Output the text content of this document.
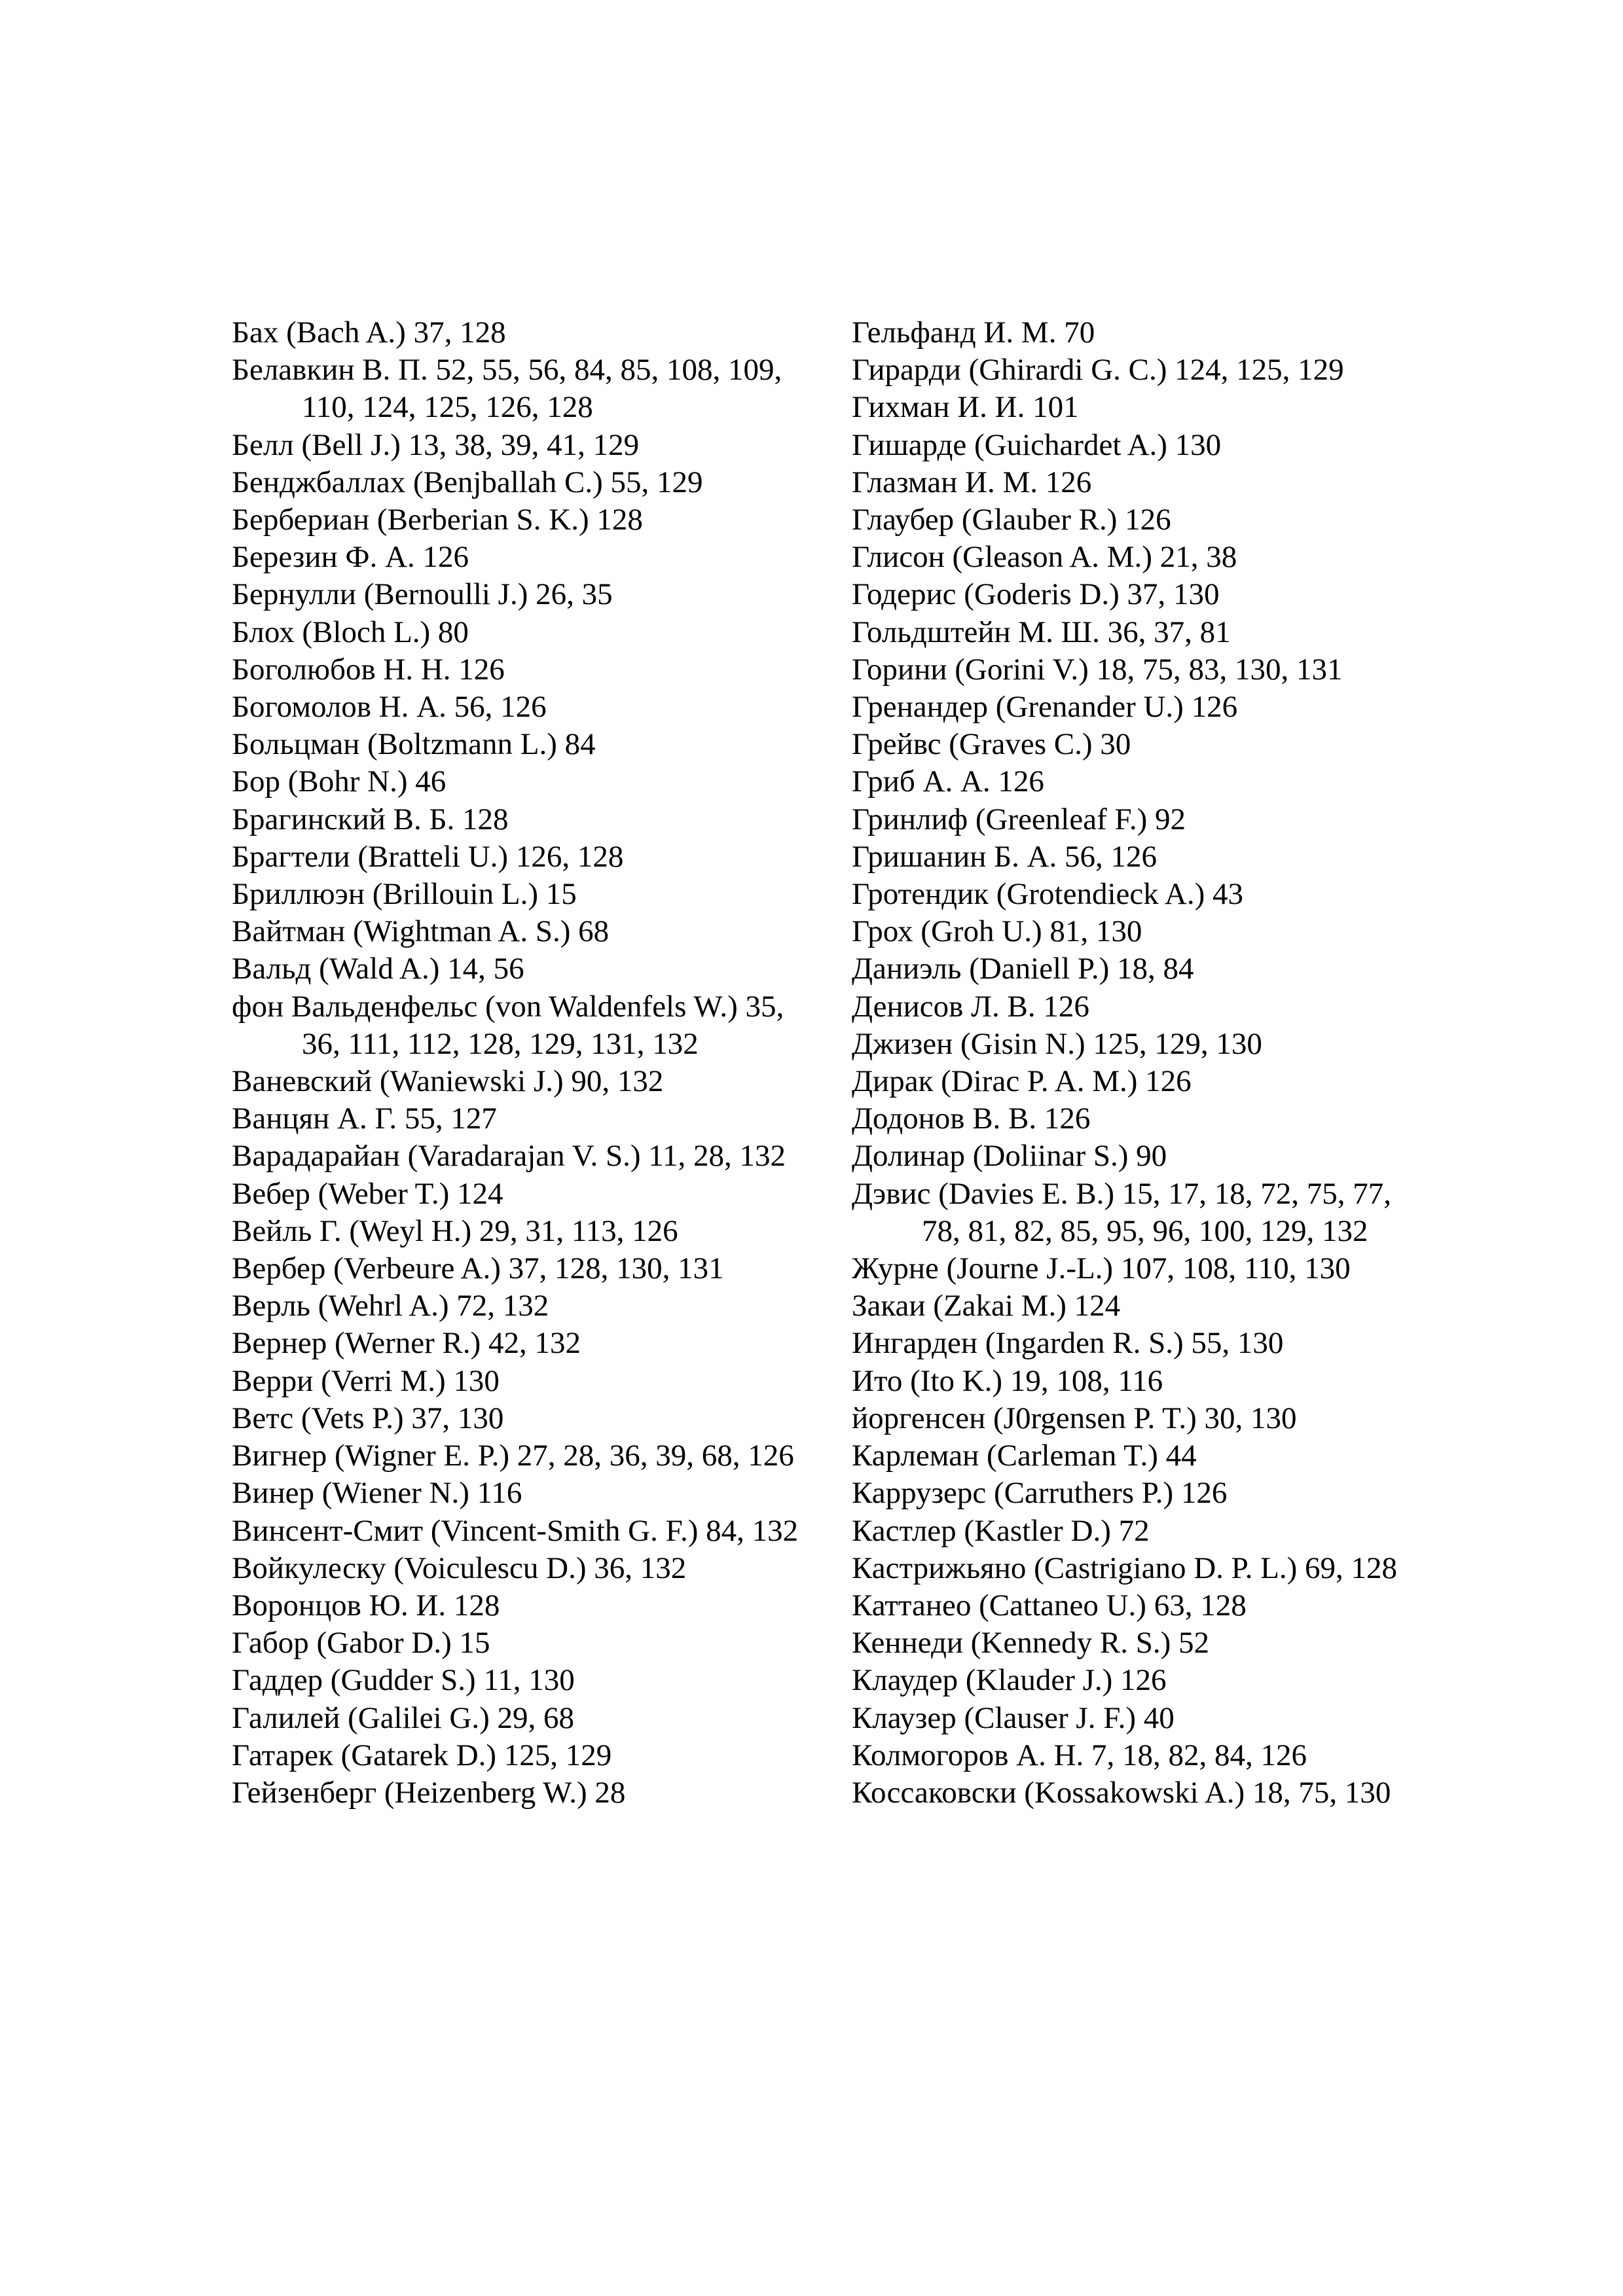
Бах (Bach A.) 37, 128
Белавкин В. П. 52, 55, 56, 84, 85, 108, 109, 110, 124, 125, 126, 128
Белл (Bell J.) 13, 38, 39, 41, 129
Бенджбаллах (Benjballah C.) 55, 129
Бербериан (Berberian S. K.) 128
Березин Ф. А. 126
Бернулли (Bernoulli J.) 26, 35
Блох (Bloch L.) 80
Боголюбов Н. Н. 126
Богомолов Н. А. 56, 126
Больцман (Boltzmann L.) 84
Бор (Bohr N.) 46
Брагинский В. Б. 128
Брагтели (Bratteli U.) 126, 128
Бриллюэн (Brillouin L.) 15
Вайтман (Wightman A. S.) 68
Вальд (Wald A.) 14, 56
фон Вальденфельс (von Waldenfels W.) 35, 36, 111, 112, 128, 129, 131, 132
Ваневский (Waniewski J.) 90, 132
Ванцян А. Г. 55, 127
Варадарайан (Varadarajan V. S.) 11, 28, 132
Вебер (Weber T.) 124
Вейль Г. (Weyl H.) 29, 31, 113, 126
Вербер (Verbeure A.) 37, 128, 130, 131
Верль (Wehrl A.) 72, 132
Вернер (Werner R.) 42, 132
Верри (Verri M.) 130
Ветс (Vets P.) 37, 130
Вигнер (Wigner E. P.) 27, 28, 36, 39, 68, 126
Винер (Wiener N.) 116
Винсент-Смит (Vincent-Smith G. F.) 84, 132
Войкулеску (Voiculescu D.) 36, 132
Воронцов Ю. И. 128
Габор (Gabor D.) 15
Гаддер (Gudder S.) 11, 130
Галилей (Galilei G.) 29, 68
Гатарек (Gatarek D.) 125, 129
Гейзенберг (Heizenberg W.) 28
Гельфанд И. М. 70
Гирарди (Ghirardi G. C.) 124, 125, 129
Гихман И. И. 101
Гишарде (Guichardet A.) 130
Глазман И. М. 126
Глаубер (Glauber R.) 126
Глисон (Gleason A. M.) 21, 38
Годерис (Goderis D.) 37, 130
Гольдштейн М. Ш. 36, 37, 81
Горини (Gorini V.) 18, 75, 83, 130, 131
Гренандер (Grenander U.) 126
Грейвс (Graves C.) 30
Гриб А. А. 126
Гринлиф (Greenleaf F.) 92
Гришанин Б. А. 56, 126
Гротендик (Grotendieck A.) 43
Грох (Groh U.) 81, 130
Даниэль (Daniell P.) 18, 84
Денисов Л. В. 126
Джизен (Gisin N.) 125, 129, 130
Дирак (Dirac P. A. M.) 126
Додонов В. В. 126
Долинар (Doliinar S.) 90
Дэвис (Davies E. B.) 15, 17, 18, 72, 75, 77, 78, 81, 82, 85, 95, 96, 100, 129, 132
Журне (Journe J.-L.) 107, 108, 110, 130
Закаи (Zakai M.) 124
Ингарден (Ingarden R. S.) 55, 130
Ито (Ito K.) 19, 108, 116
йоргенсен (J0rgensen P. T.) 30, 130
Карлеман (Carleman T.) 44
Каррузерс (Carruthers P.) 126
Кастлер (Kastler D.) 72
Кастрижьяно (Castrigiano D. P. L.) 69, 128
Каттанео (Cattaneo U.) 63, 128
Кеннеди (Kennedy R. S.) 52
Клаудер (Klauder J.) 126
Клаузер (Clauser J. F.) 40
Колмогоров А. Н. 7, 18, 82, 84, 126
Коссаковски (Kossakowski A.) 18, 75, 130
